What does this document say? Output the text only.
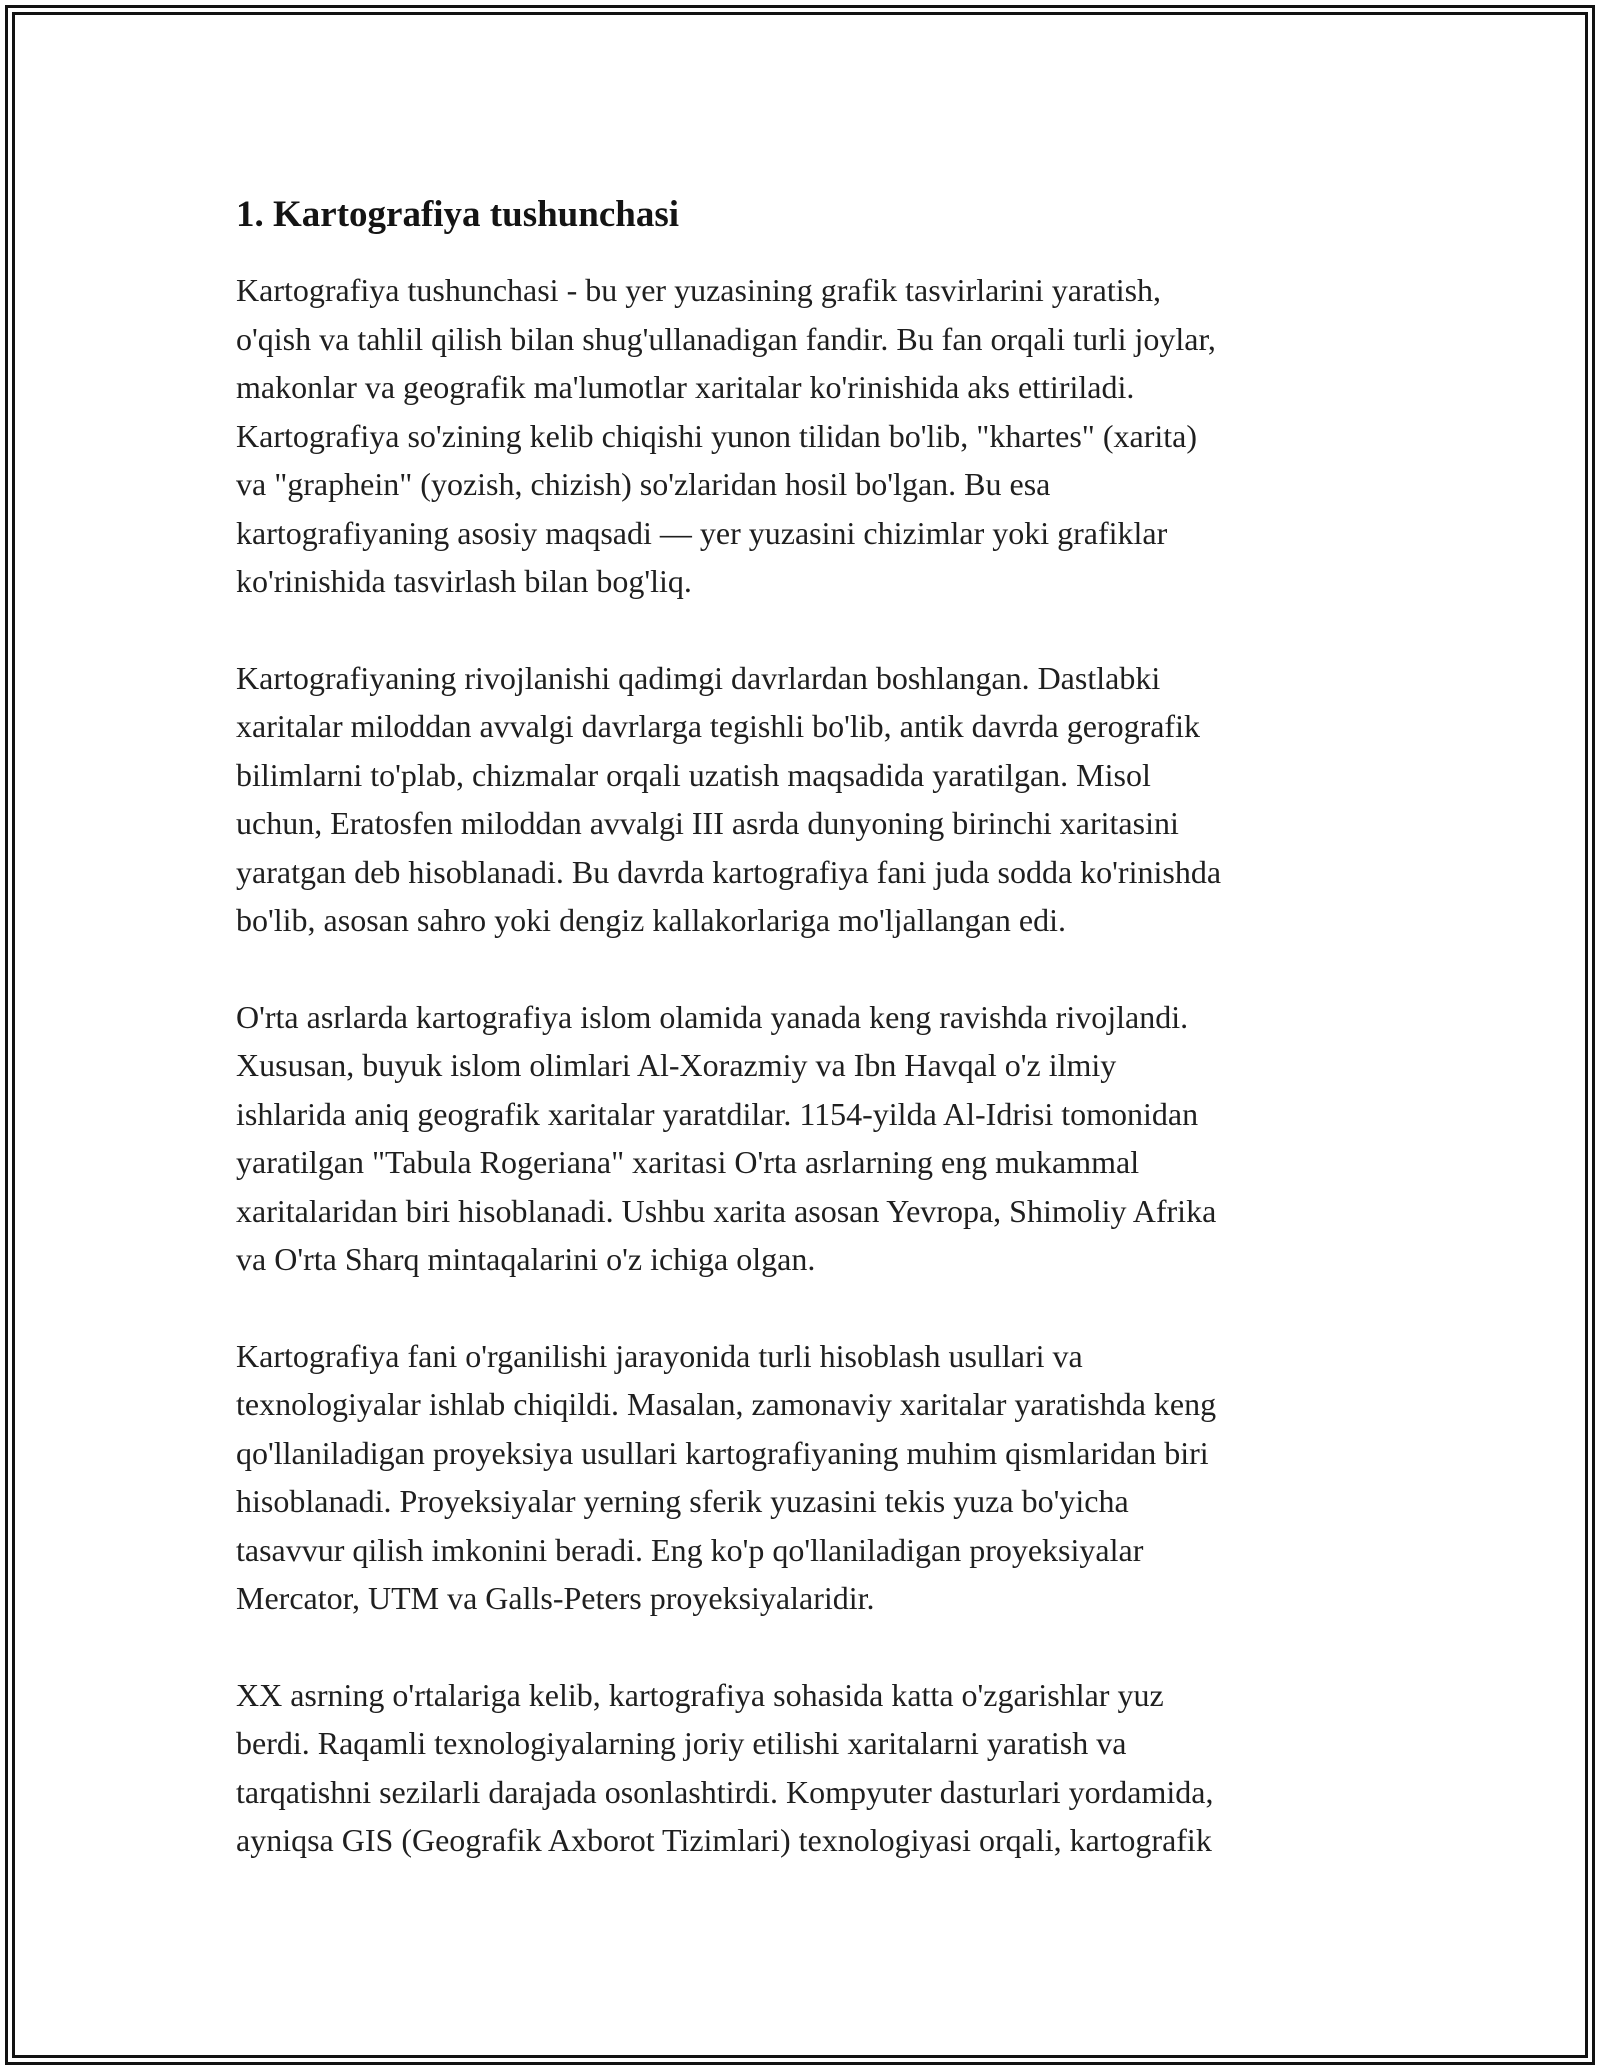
1. Kartografiya tushunchasi

Kartografiya tushunchasi - bu yer yuzasining grafik tasvirlarini yaratish,
o'qish va tahlil qilish bilan shug'ullanadigan fandir. Bu fan orqali turli joylar,
makonlar va geografik ma'lumotlar xaritalar ko'rinishida aks ettiriladi.
Kartografiya so'zining kelib chiqishi yunon tilidan bo'lib, "khartes" (xarita)
va "graphein" (yozish, chizish) so'zlaridan hosil bo'lgan. Bu esa
kartografiyaning asosiy maqsadi — yer yuzasini chizimlar yoki grafiklar
ko'rinishida tasvirlash bilan bog'liq.

Kartografiyaning rivojlanishi qadimgi davrlardan boshlangan. Dastlabki
xaritalar miloddan avvalgi davrlarga tegishli bo'lib, antik davrda gerografik
bilimlarni to'plab, chizmalar orqali uzatish maqsadida yaratilgan. Misol
uchun, Eratosfen miloddan avvalgi III asrda dunyoning birinchi xaritasini
yaratgan deb hisoblanadi. Bu davrda kartografiya fani juda sodda ko'rinishda
bo'lib, asosan sahro yoki dengiz kallakorlariga mo'ljallangan edi.

O'rta asrlarda kartografiya islom olamida yanada keng ravishda rivojlandi.
Xususan, buyuk islom olimlari Al-Xorazmiy va Ibn Havqal o'z ilmiy
ishlarida aniq geografik xaritalar yaratdilar. 1154-yilda Al-Idrisi tomonidan
yaratilgan "Tabula Rogeriana" xaritasi O'rta asrlarning eng mukammal
xaritalaridan biri hisoblanadi. Ushbu xarita asosan Yevropa, Shimoliy Afrika
va O'rta Sharq mintaqalarini o'z ichiga olgan.

Kartografiya fani o'rganilishi jarayonida turli hisoblash usullari va
texnologiyalar ishlab chiqildi. Masalan, zamonaviy xaritalar yaratishda keng
qo'llaniladigan proyeksiya usullari kartografiyaning muhim qismlaridan biri
hisoblanadi. Proyeksiyalar yerning sferik yuzasini tekis yuza bo'yicha
tasavvur qilish imkonini beradi. Eng ko'p qo'llaniladigan proyeksiyalar
Mercator, UTM va Galls-Peters proyeksiyalaridir.

XX asrning o'rtalariga kelib, kartografiya sohasida katta o'zgarishlar yuz
berdi. Raqamli texnologiyalarning joriy etilishi xaritalarni yaratish va
tarqatishni sezilarli darajada osonlashtirdi. Kompyuter dasturlari yordamida,
ayniqsa GIS (Geografik Axborot Tizimlari) texnologiyasi orqali, kartografik
